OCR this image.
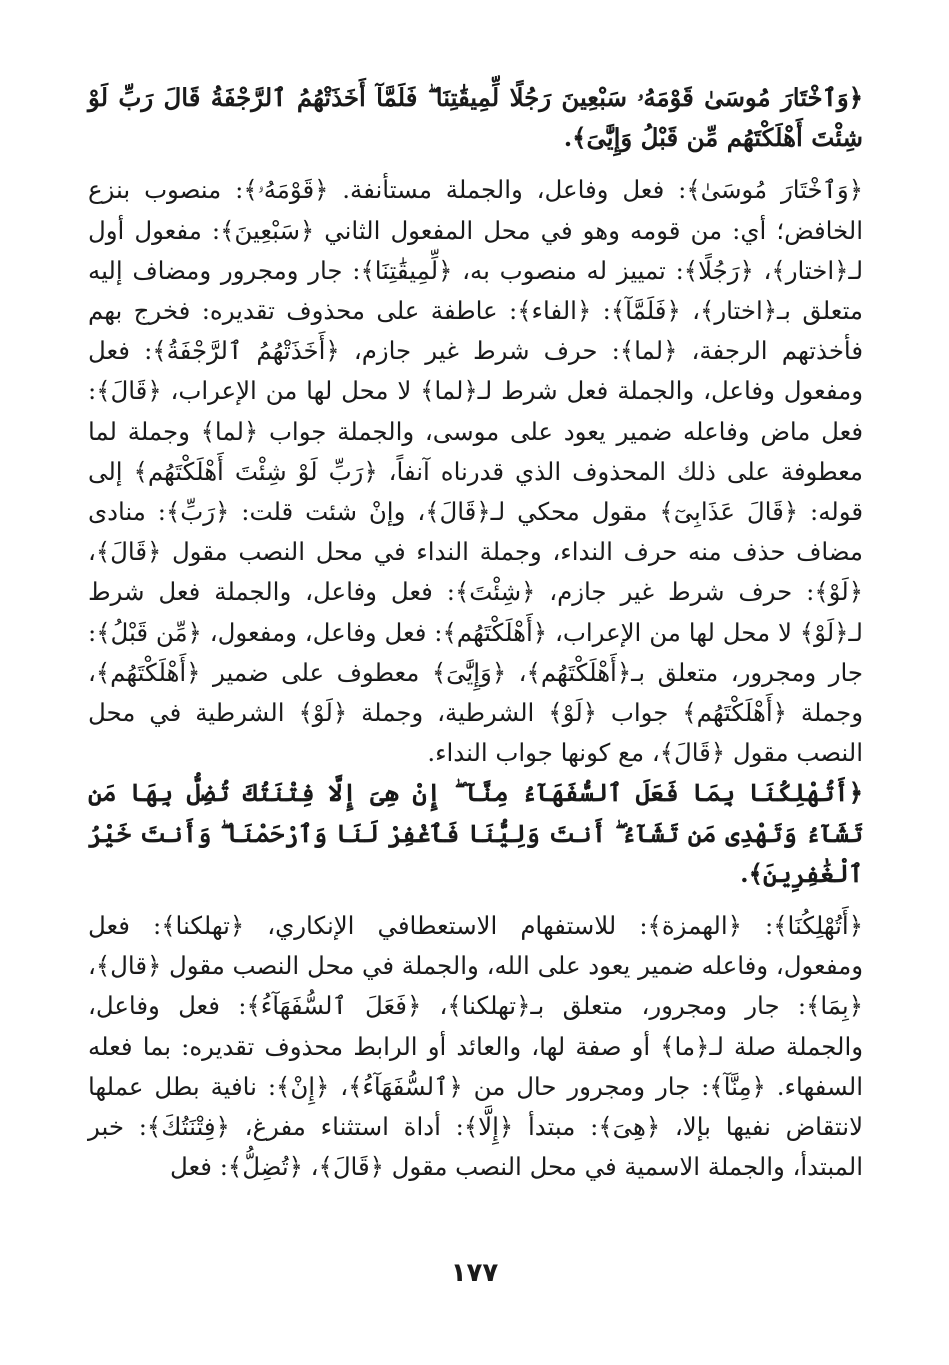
﴿وَٱخْتَارَ مُوسَىٰ قَوْمَهُۥ سَبْعِينَ رَجُلًا لِّمِيقَٰتِنَا ۖ فَلَمَّآ أَخَذَتْهُمُ ٱلرَّجْفَةُ قَالَ رَبِّ لَوْ شِئْتَ أَهْلَكْتَهُم مِّن قَبْلُ وَإِيَّٰىَ﴾.

﴿وَٱخْتَارَ مُوسَىٰ﴾: فعل وفاعل، والجملة مستأنفة. ﴿قَوْمَهُۥ﴾: منصوب بنزع الخافض؛ أي: من قومه وهو في محل المفعول الثاني ﴿سَبْعِينَ﴾: مفعول أول لـ﴿اختار﴾، ﴿رَجُلًا﴾: تمييز له منصوب به، ﴿لِّمِيقَٰتِنَا﴾: جار ومجرور ومضاف إليه متعلق بـ﴿اختار﴾، ﴿فَلَمَّآ﴾: ﴿الفاء﴾: عاطفة على محذوف تقديره: فخرج بهم فأخذتهم الرجفة، ﴿لما﴾: حرف شرط غير جازم، ﴿أَخَذَتْهُمُ ٱلرَّجْفَةُ﴾: فعل ومفعول وفاعل، والجملة فعل شرط لـ﴿لما﴾ لا محل لها من الإعراب، ﴿قَالَ﴾: فعل ماض وفاعله ضمير يعود على موسى، والجملة جواب ﴿لما﴾ وجملة لما معطوفة على ذلك المحذوف الذي قدرناه آنفاً، ﴿رَبِّ لَوْ شِئْتَ أَهْلَكْتَهُم﴾ إلى قوله: ﴿قَالَ عَذَابِىٓ﴾ مقول محكي لـ﴿قَالَ﴾، وإنْ شئت قلت: ﴿رَبِّ﴾: منادى مضاف حذف منه حرف النداء، وجملة النداء في محل النصب مقول ﴿قَالَ﴾، ﴿لَوْ﴾: حرف شرط غير جازم، ﴿شِئْتَ﴾: فعل وفاعل، والجملة فعل شرط لـ﴿لَوْ﴾ لا محل لها من الإعراب، ﴿أَهْلَكْتَهُم﴾: فعل وفاعل، ومفعول، ﴿مِّن قَبْلُ﴾: جار ومجرور، متعلق بـ﴿أَهْلَكْتَهُم﴾، ﴿وَإِيَّٰىَ﴾ معطوف على ضمير ﴿أَهْلَكْتَهُم﴾، وجملة ﴿أَهْلَكْتَهُم﴾ جواب ﴿لَوْ﴾ الشرطية، وجملة ﴿لَوْ﴾ الشرطية في محل النصب مقول ﴿قَالَ﴾، مع كونها جواب النداء.

﴿أَتُهْلِكُنَا بِمَا فَعَلَ ٱلسُّفَهَآءُ مِنَّآ ۖ إِنْ هِىَ إِلَّا فِتْنَتُكَ تُضِلُّ بِهَا مَن تَشَآءُ وَتَهْدِى مَن تَشَآءُ ۖ أَنتَ وَلِيُّنَا فَٱغْفِرْ لَنَا وَٱرْحَمْنَا ۖ وَأَنتَ خَيْرُ ٱلْغَٰفِرِينَ﴾.

﴿أَتُهْلِكُنَا﴾: ﴿الهمزة﴾: للاستفهام الاستعطافي الإنكاري، ﴿تهلكنا﴾: فعل ومفعول، وفاعله ضمير يعود على الله، والجملة في محل النصب مقول ﴿قال﴾، ﴿بِمَا﴾: جار ومجرور، متعلق بـ﴿تهلكنا﴾، ﴿فَعَلَ ٱلسُّفَهَآءُ﴾: فعل وفاعل، والجملة صلة لـ﴿ما﴾ أو صفة لها، والعائد أو الرابط محذوف تقديره: بما فعله السفهاء. ﴿مِنَّآ﴾: جار ومجرور حال من ﴿ٱلسُّفَهَآءُ﴾، ﴿إِنْ﴾: نافية بطل عملها لانتقاض نفيها بإلا، ﴿هِىَ﴾: مبتدأ ﴿إِلَّا﴾: أداة استثناء مفرغ، ﴿فِتْنَتُكَ﴾: خبر المبتدأ، والجملة الاسمية في محل النصب مقول ﴿قَالَ﴾، ﴿تُضِلُّ﴾: فعل

١٧٧
